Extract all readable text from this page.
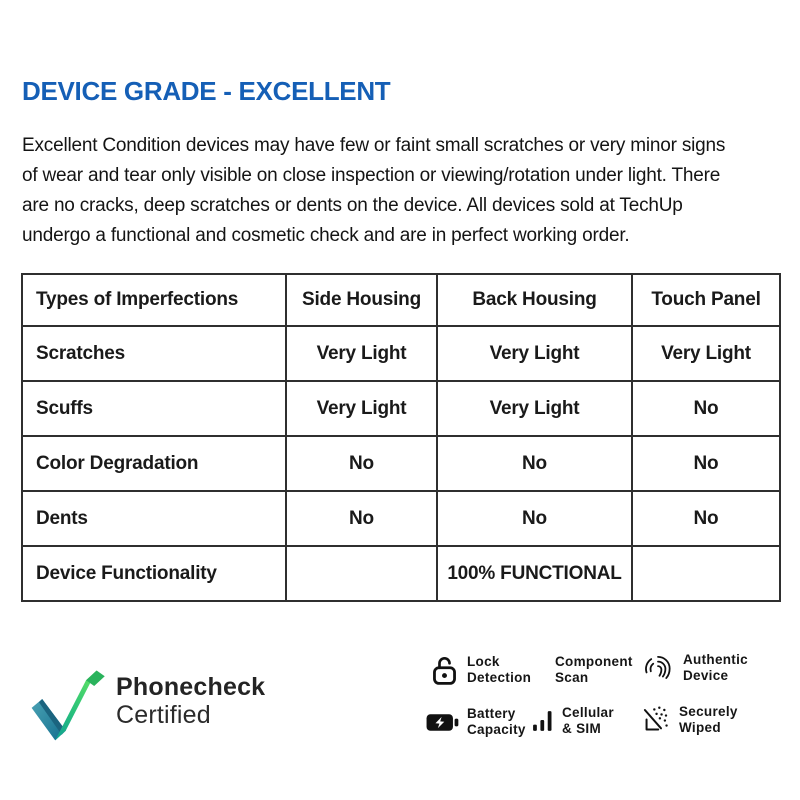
DEVICE GRADE - EXCELLENT
Excellent Condition devices may have few or faint small scratches or very minor signs
of wear and tear only visible on close inspection or viewing/rotation under light. There
are no cracks, deep scratches or dents on the device. All devices sold at TechUp
undergo a functional and cosmetic check and are in perfect working order.
Types of Imperfections	Side Housing	Back Housing	Touch Panel
Scratches	Very Light	Very Light	Very Light
Scuffs	Very Light	Very Light	No
Color Degradation	No	No	No
Dents	No	No	No
Device Functionality		100% FUNCTIONAL	
Phonecheck
Certified
Lock
Detection
Component
Scan
Authentic
Device
Battery
Capacity
Cellular
& SIM
Securely
Wiped
